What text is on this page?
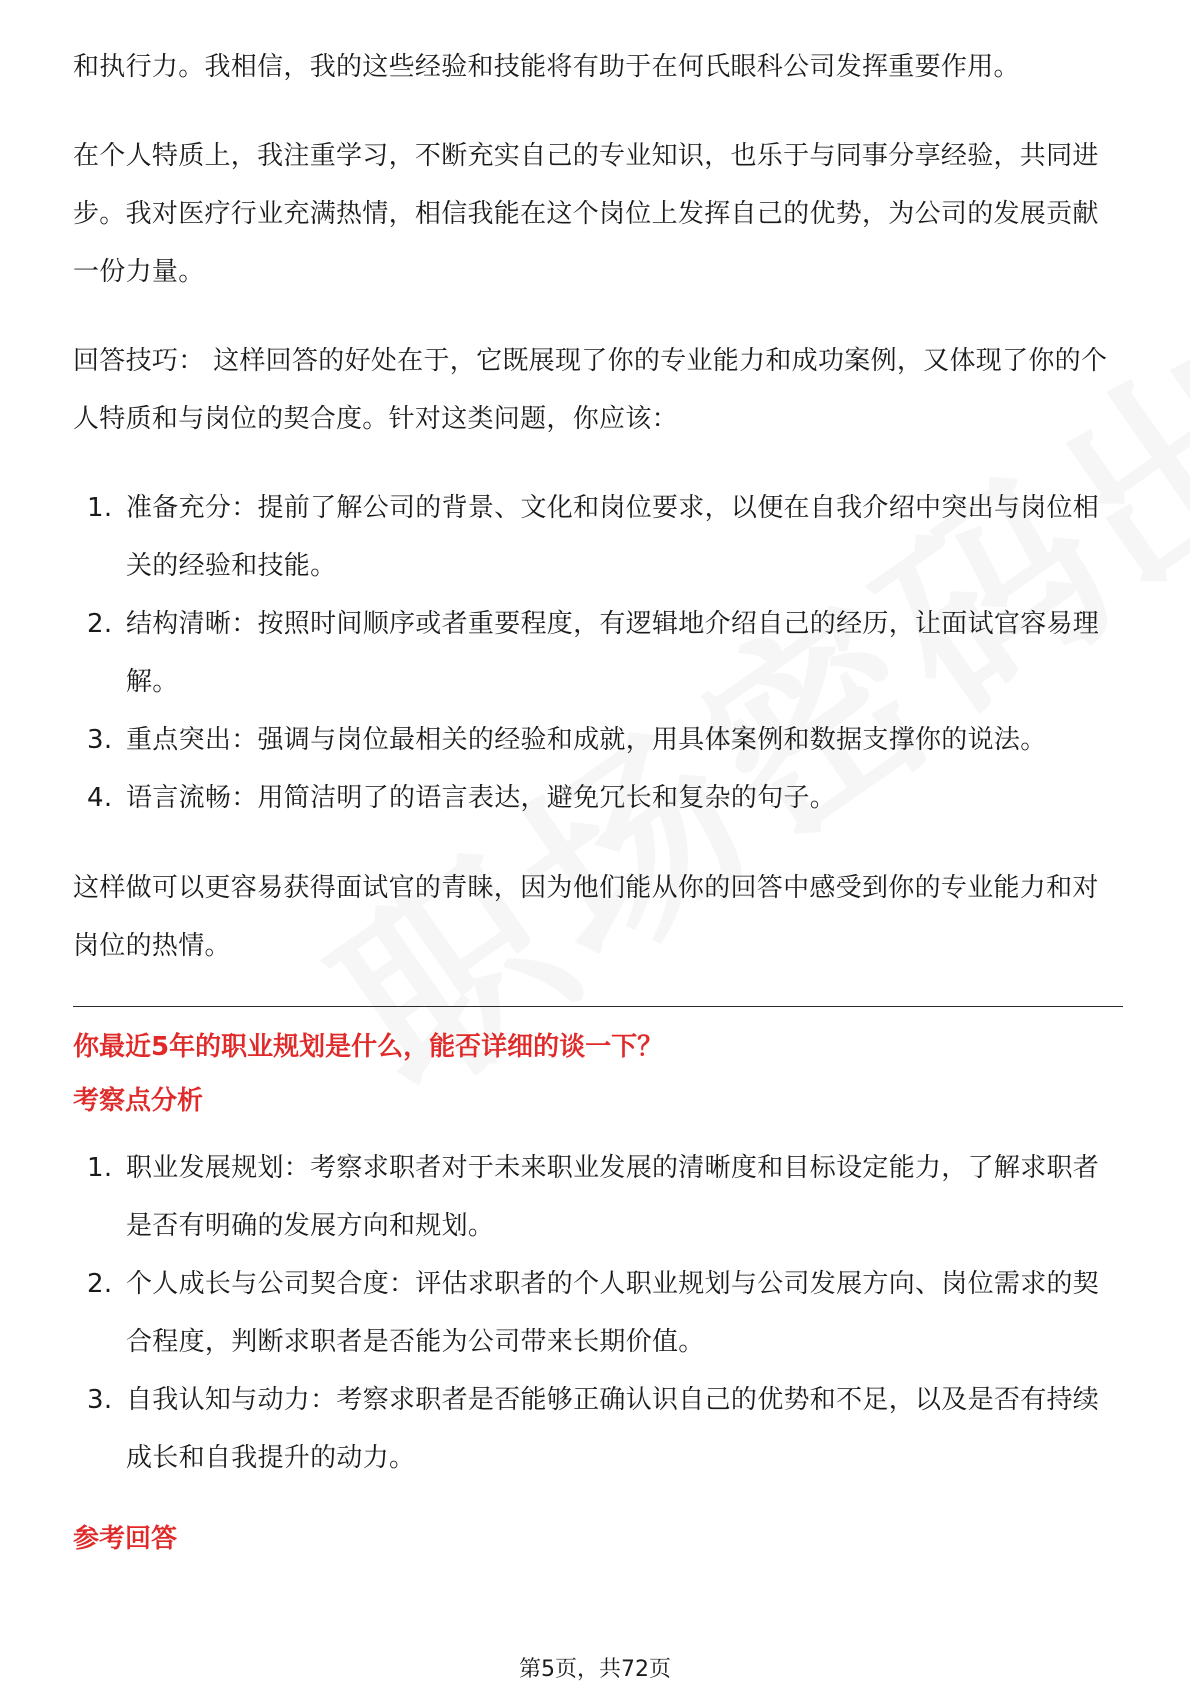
和执行力。我相信，我的这些经验和技能将有助于在何氏眼科公司发挥重要作用。

在个人特质上，我注重学习，不断充实自己的专业知识，也乐于与同事分享经验，共同进步。我对医疗行业充满热情，相信我能在这个岗位上发挥自己的优势，为公司的发展贡献一份力量。

回答技巧： 这样回答的好处在于，它既展现了你的专业能力和成功案例，又体现了你的个人特质和与岗位的契合度。针对这类问题，你应该：

1. 准备充分：提前了解公司的背景、文化和岗位要求，以便在自我介绍中突出与岗位相关的经验和技能。
2. 结构清晰：按照时间顺序或者重要程度，有逻辑地介绍自己的经历，让面试官容易理解。
3. 重点突出：强调与岗位最相关的经验和成就，用具体案例和数据支撑你的说法。
4. 语言流畅：用简洁明了的语言表达，避免冗长和复杂的句子。

这样做可以更容易获得面试官的青睐，因为他们能从你的回答中感受到你的专业能力和对岗位的热情。

你最近5年的职业规划是什么，能否详细的谈一下？
考察点分析
1. 职业发展规划：考察求职者对于未来职业发展的清晰度和目标设定能力，了解求职者是否有明确的发展方向和规划。
2. 个人成长与公司契合度：评估求职者的个人职业规划与公司发展方向、岗位需求的契合程度，判断求职者是否能为公司带来长期价值。
3. 自我认知与动力：考察求职者是否能够正确认识自己的优势和不足，以及是否有持续成长和自我提升的动力。
参考回答
第5页，共72页
